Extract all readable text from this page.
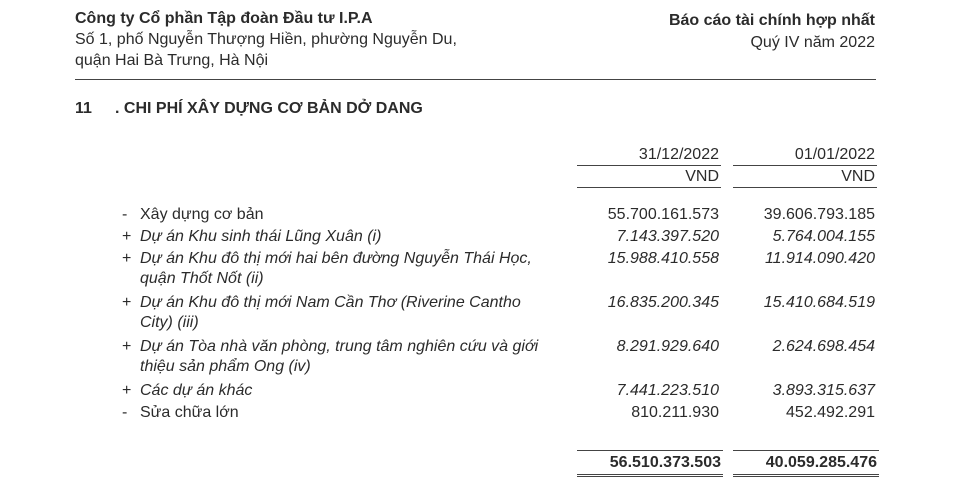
Công ty Cổ phần Tập đoàn Đầu tư I.P.A
Số 1, phố Nguyễn Thượng Hiền, phường Nguyễn Du,
quận Hai Bà Trưng, Hà Nội
Báo cáo tài chính hợp nhất
Quý IV năm 2022
11 . CHI PHÍ XÂY DỰNG CƠ BẢN DỞ DANG
31/12/2022
VND
01/01/2022
VND
- Xây dựng cơ bản	55.700.161.573	39.606.793.185
+ Dự án Khu sinh thái Lũng Xuân (i)	7.143.397.520	5.764.004.155
+ Dự án Khu đô thị mới hai bên đường Nguyễn Thái Học,
quận Thốt Nốt (ii)
15.988.410.558	11.914.090.420
+ Dự án Khu đô thị mới Nam Cần Thơ (Riverine Cantho
City) (iii)
16.835.200.345	15.410.684.519
+ Dự án Tòa nhà văn phòng, trung tâm nghiên cứu và giới
thiệu sản phẩm Ong (iv)
8.291.929.640	2.624.698.454
+ Các dự án khác	7.441.223.510	3.893.315.637
- Sửa chữa lớn	810.211.930	452.492.291
56.510.373.503	40.059.285.476
